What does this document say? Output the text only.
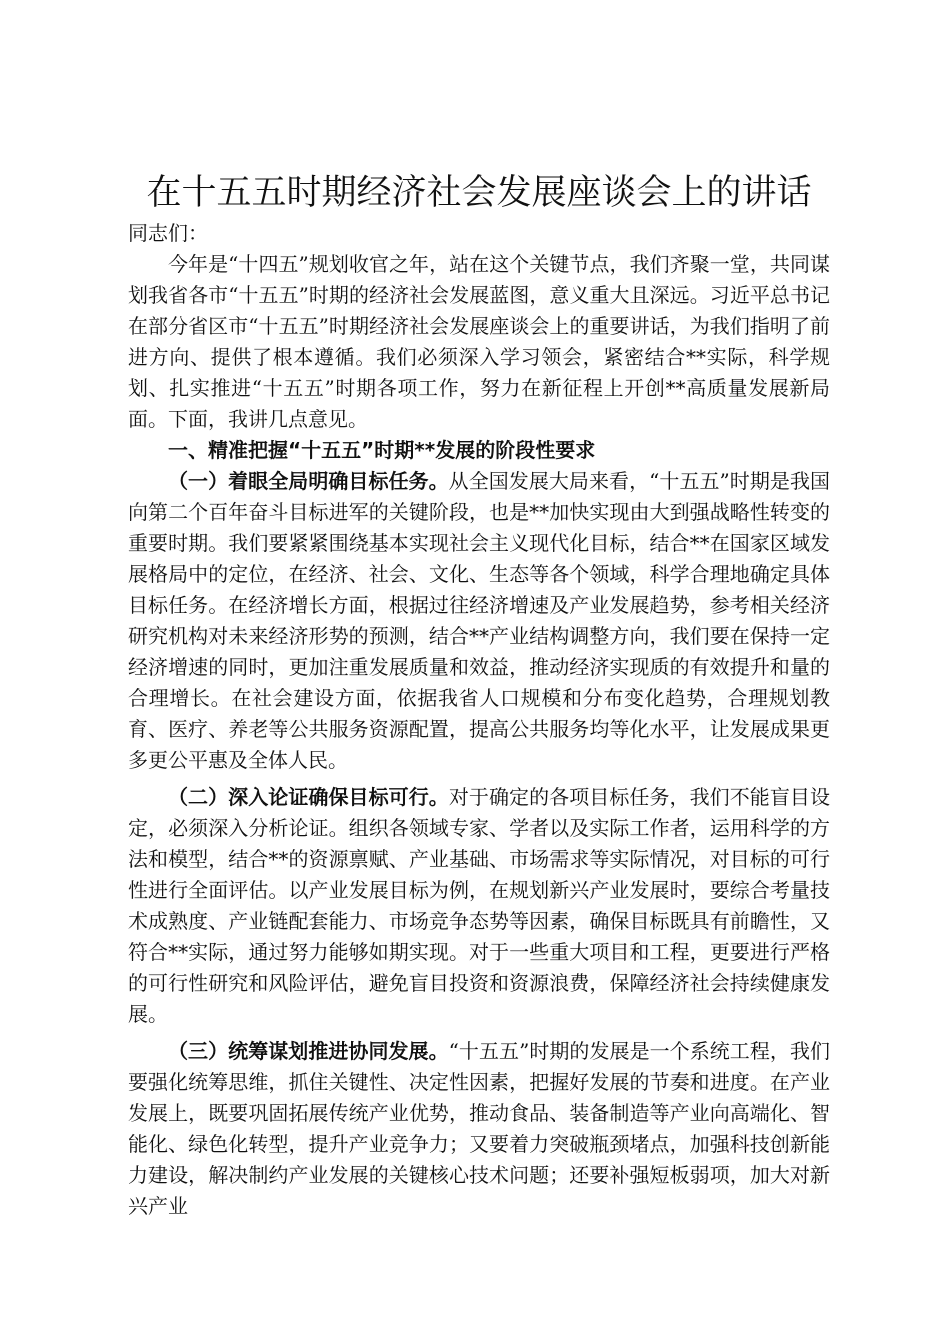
在十五五时期经济社会发展座谈会上的讲话

同志们：

今年是“十四五”规划收官之年，站在这个关键节点，我们齐聚一堂，共同谋划我省各市“十五五”时期的经济社会发展蓝图，意义重大且深远。习近平总书记在部分省区市“十五五”时期经济社会发展座谈会上的重要讲话，为我们指明了前进方向、提供了根本遵循。我们必须深入学习领会，紧密结合**实际，科学规划、扎实推进“十五五”时期各项工作，努力在新征程上开创**高质量发展新局面。下面，我讲几点意见。

一、精准把握“十五五”时期**发展的阶段性要求

（一）着眼全局明确目标任务。从全国发展大局来看，“十五五”时期是我国向第二个百年奋斗目标进军的关键阶段，也是**加快实现由大到强战略性转变的重要时期。我们要紧紧围绕基本实现社会主义现代化目标，结合**在国家区域发展格局中的定位，在经济、社会、文化、生态等各个领域，科学合理地确定具体目标任务。在经济增长方面，根据过往经济增速及产业发展趋势，参考相关经济研究机构对未来经济形势的预测，结合**产业结构调整方向，我们要在保持一定经济增速的同时，更加注重发展质量和效益，推动经济实现质的有效提升和量的合理增长。在社会建设方面，依据我省人口规模和分布变化趋势，合理规划教育、医疗、养老等公共服务资源配置，提高公共服务均等化水平，让发展成果更多更公平惠及全体人民。

（二）深入论证确保目标可行。对于确定的各项目标任务，我们不能盲目设定，必须深入分析论证。组织各领域专家、学者以及实际工作者，运用科学的方法和模型，结合**的资源禀赋、产业基础、市场需求等实际情况，对目标的可行性进行全面评估。以产业发展目标为例，在规划新兴产业发展时，要综合考量技术成熟度、产业链配套能力、市场竞争态势等因素，确保目标既具有前瞻性，又符合**实际，通过努力能够如期实现。对于一些重大项目和工程，更要进行严格的可行性研究和风险评估，避免盲目投资和资源浪费，保障经济社会持续健康发展。

（三）统筹谋划推进协同发展。“十五五”时期的发展是一个系统工程，我们要强化统筹思维，抓住关键性、决定性因素，把握好发展的节奏和进度。在产业发展上，既要巩固拓展传统产业优势，推动食品、装备制造等产业向高端化、智能化、绿色化转型，提升产业竞争力；又要着力突破瓶颈堵点，加强科技创新能力建设，解决制约产业发展的关键核心技术问题；还要补强短板弱项，加大对新兴产业
